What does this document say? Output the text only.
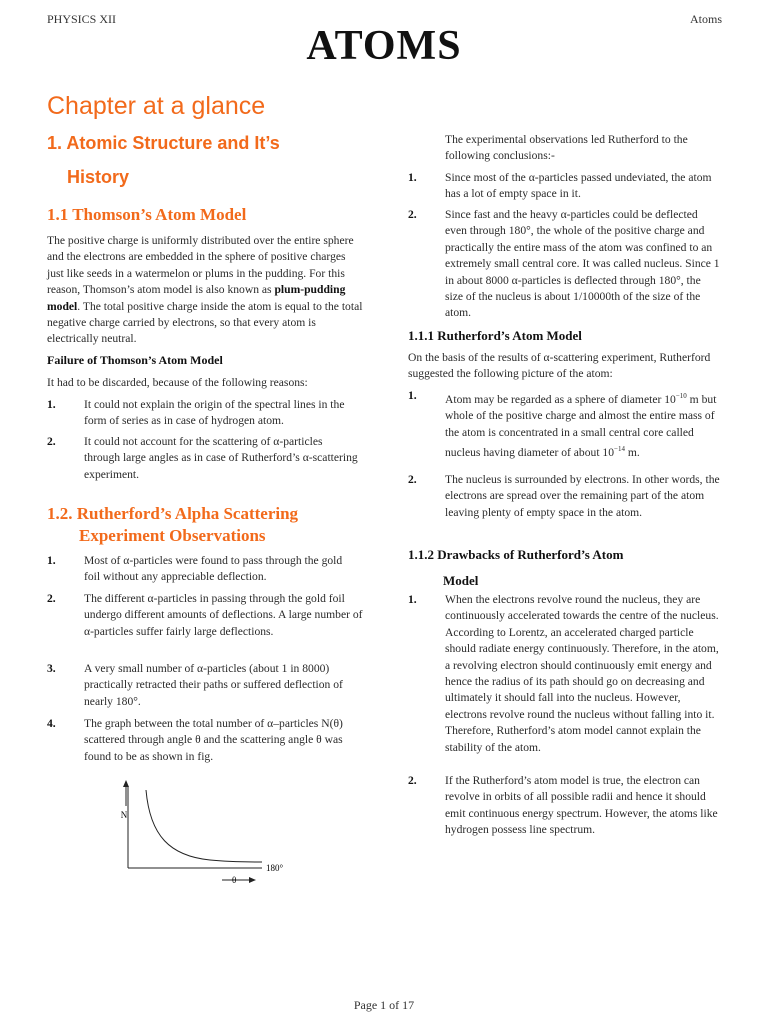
PHYSICS XII	Atoms
ATOMS
Chapter at a glance
1. Atomic Structure and It’s
History
1.1 Thomson’s Atom Model
The positive charge is uniformly distributed over the entire sphere and the electrons are embedded in the sphere of positive charges just like seeds in a watermelon or plums in the pudding. For this reason, Thomson’s atom model is also known as plum-pudding model. The total positive charge inside the atom is equal to the total negative charge carried by electrons, so that every atom is electrically neutral.
Failure of Thomson’s Atom Model
It had to be discarded, because of the following reasons:
1. It could not explain the origin of the spectral lines in the form of series as in case of hydrogen atom.
2. It could not account for the scattering of α-particles through large angles as in case of Rutherford’s α-scattering experiment.
1.2. Rutherford’s Alpha Scattering
Experiment Observations
1. Most of α-particles were found to pass through the gold foil without any appreciable deflection.
2. The different α-particles in passing through the gold foil undergo different amounts of deflections. A large number of α-particles suffer fairly large deflections.
3. A very small number of α-particles (about 1 in 8000) practically retracted their paths or suffered deflection of nearly 180°.
4. The graph between the total number of α–particles N(θ) scattered through angle θ and the scattering angle θ was found to be as shown in fig.
N
θ
180°
The experimental observations led Rutherford to the following conclusions:-
1. Since most of the α-particles passed undeviated, the atom has a lot of empty space in it.
2. Since fast and the heavy α-particles could be deflected even through 180°, the whole of the positive charge and practically the entire mass of the atom was confined to an extremely small central core. It was called nucleus. Since 1 in about 8000 α-particles is deflected through 180°, the size of the nucleus is about 1/10000th of the size of the atom.
1.1.1 Rutherford’s Atom Model
On the basis of the results of α-scattering experiment, Rutherford suggested the following picture of the atom:
1. Atom may be regarded as a sphere of diameter $10^{-10}$ m but whole of the positive charge and almost the entire mass of the atom is concentrated in a small central core called nucleus having diameter of about $10^{-14}$ m.
2. The nucleus is surrounded by electrons. In other words, the electrons are spread over the remaining part of the atom leaving plenty of empty space in the atom.
1.1.2 Drawbacks of Rutherford’s Atom
Model
1. When the electrons revolve round the nucleus, they are continuously accelerated towards the centre of the nucleus. According to Lorentz, an accelerated charged particle should radiate energy continuously. Therefore, in the atom, a revolving electron should continuously emit energy and hence the radius of its path should go on decreasing and ultimately it should fall into the nucleus. However, electrons revolve round the nucleus without falling into it. Therefore, Rutherford’s atom model cannot explain the stability of the atom.
2. If the Rutherford’s atom model is true, the electron can revolve in orbits of all possible radii and hence it should emit continuous energy spectrum. However, the atoms like hydrogen possess line spectrum.
Page 1 of 17
